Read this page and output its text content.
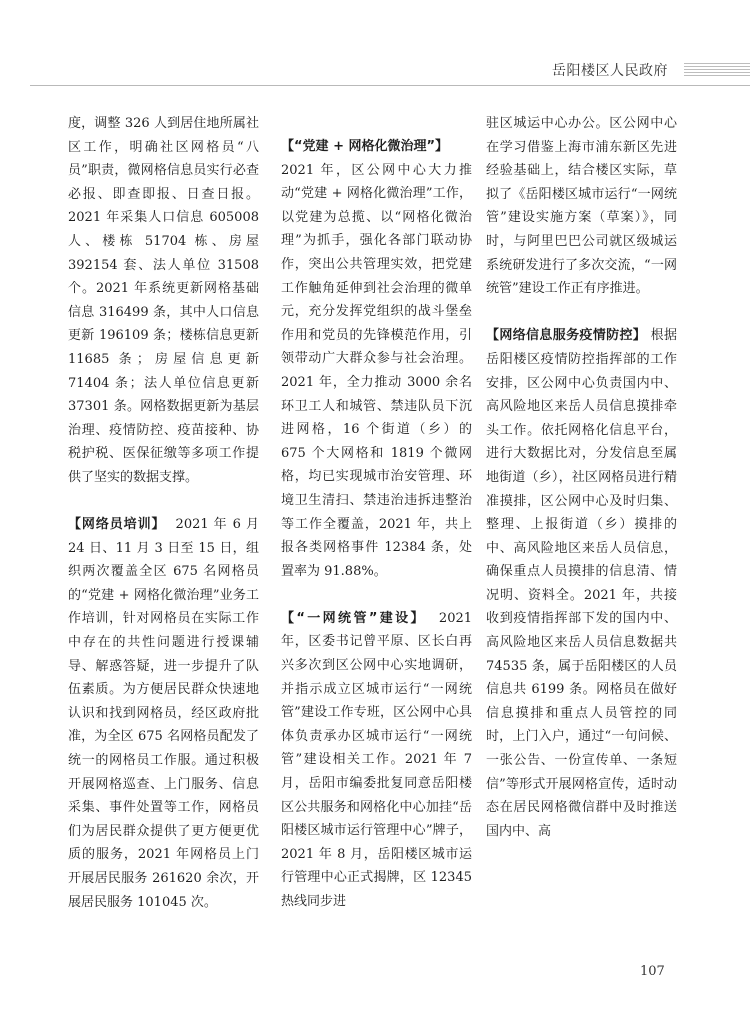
岳阳楼区人民政府

度，调整 326 人到居住地所属社区工作，明确社区网格员“八员”职责，微网格信息员实行必查必报、即查即报、日查日报。2021 年采集人口信息 605008 人、楼栋 51704 栋、房屋 392154 套、法人单位 31508 个。2021 年系统更新网格基础信息 316499 条，其中人口信息更新 196109 条；楼栋信息更新 11685 条；房屋信息更新 71404 条；法人单位信息更新 37301 条。网格数据更新为基层治理、疫情防控、疫苗接种、协税护税、医保征缴等多项工作提供了坚实的数据支撑。

【网络员培训】 2021 年 6 月 24 日、11 月 3 日至 15 日，组织两次覆盖全区 675 名网格员的“党建 + 网格化微治理”业务工作培训，针对网格员在实际工作中存在的共性问题进行授课辅导、解惑答疑，进一步提升了队伍素质。为方便居民群众快速地认识和找到网格员，经区政府批准，为全区 675 名网格员配发了统一的网格员工作服。通过积极开展网格巡查、上门服务、信息采集、事件处置等工作，网格员们为居民群众提供了更方便更优质的服务，2021 年网格员上门开展居民服务 261620 余次，开展居民服务 101045 次。

【“党建 + 网格化微治理”】
2021 年，区公网中心大力推动“党建 + 网格化微治理”工作，以党建为总揽、以“网格化微治理”为抓手，强化各部门联动协作，突出公共管理实效，把党建工作触角延伸到社会治理的微单元，充分发挥党组织的战斗堡垒作用和党员的先锋模范作用，引领带动广大群众参与社会治理。2021 年，全力推动 3000 余名环卫工人和城管、禁违队员下沉进网格，16 个街道（乡）的 675 个大网格和 1819 个微网格，均已实现城市治安管理、环境卫生清扫、禁违治违拆违整治等工作全覆盖，2021 年，共上报各类网格事件 12384 条，处置率为 91.88%。

【“一网统管”建设】 2021 年，区委书记曾平原、区长白再兴多次到区公网中心实地调研，并指示成立区城市运行“一网统管”建设工作专班，区公网中心具体负责承办区城市运行“一网统管”建设相关工作。2021 年 7 月，岳阳市编委批复同意岳阳楼区公共服务和网格化中心加挂“岳阳楼区城市运行管理中心”牌子，2021 年 8 月，岳阳楼区城市运行管理中心正式揭牌，区 12345 热线同步进

驻区城运中心办公。区公网中心在学习借鉴上海市浦东新区先进经验基础上，结合楼区实际，草拟了《岳阳楼区城市运行“一网统管”建设实施方案（草案）》，同时，与阿里巴巴公司就区级城运系统研发进行了多次交流，“一网统管”建设工作正有序推进。

【网络信息服务疫情防控】 根据岳阳楼区疫情防控指挥部的工作安排，区公网中心负责国内中、高风险地区来岳人员信息摸排牵头工作。依托网格化信息平台，进行大数据比对，分发信息至属地街道（乡），社区网格员进行精准摸排，区公网中心及时归集、整理、上报街道（乡）摸排的中、高风险地区来岳人员信息，确保重点人员摸排的信息清、情况明、资料全。2021 年，共接收到疫情指挥部下发的国内中、高风险地区来岳人员信息数据共 74535 条，属于岳阳楼区的人员信息共 6199 条。网格员在做好信息摸排和重点人员管控的同时，上门入户，通过“一句问候、一张公告、一份宣传单、一条短信”等形式开展网格宣传，适时动态在居民网格微信群中及时推送国内中、高

107
